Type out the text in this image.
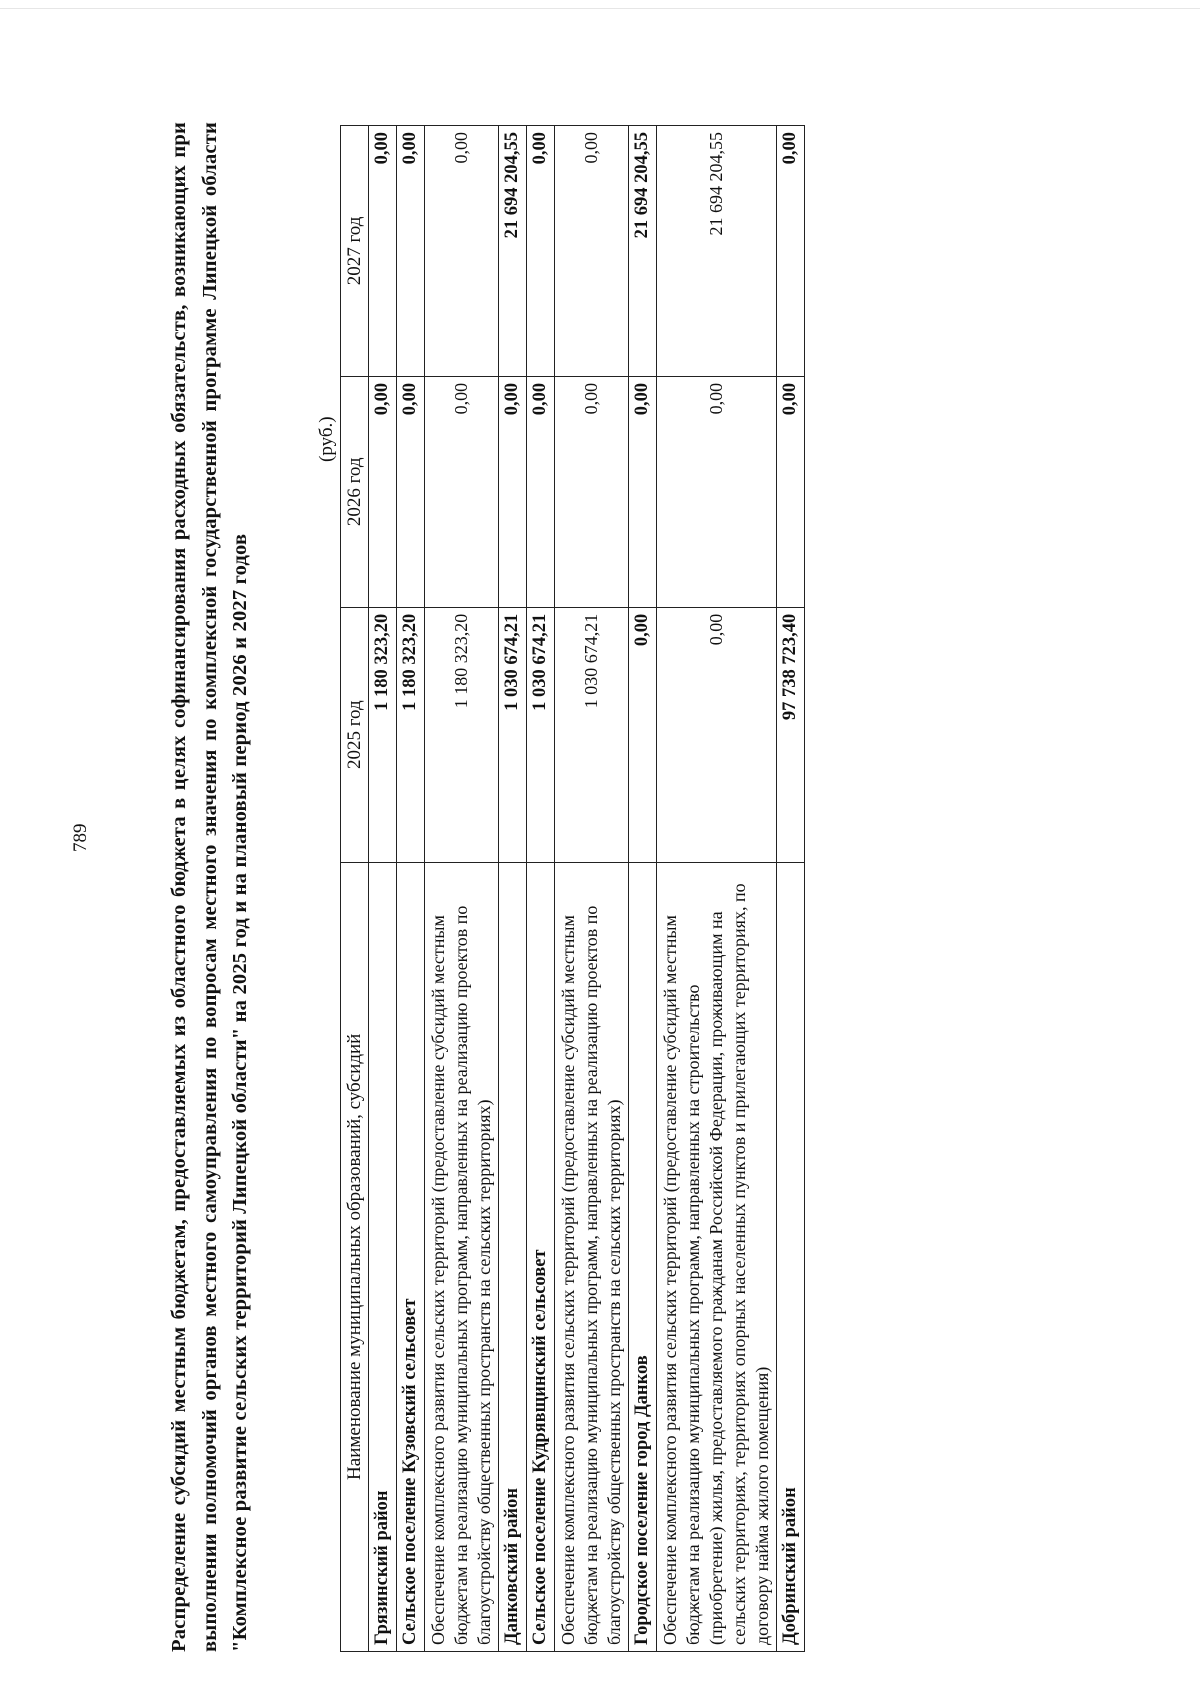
789	Распределение субсидий местным бюджетам, предоставляемых из областного бюджета в целях софинансирования расходных обязательств, возникающих при выполнении полномочий органов местного самоуправления по вопросам местного значения по комплексной государственной программе Липецкой области "Комплексное развитие сельских территорий Липецкой области" на 2025 год и на плановый период 2026 и 2027 годов
(руб.)
Наименование муниципальных образований, субсидий	2025 год	2026 год	2027 год
Грязинский район	1 180 323,20	0,00	0,00
Сельское поселение Кузовский сельсовет	1 180 323,20	0,00	0,00
Обеспечение комплексного развития сельских территорий (предоставление субсидий местным бюджетам на реализацию муниципальных программ, направленных на реализацию проектов по благоустройству общественных пространств на сельских территориях)	1 180 323,20	0,00	0,00
Данковский район	1 030 674,21	0,00	21 694 204,55
Сельское поселение Кудрявщинский сельсовет	1 030 674,21	0,00	0,00
Обеспечение комплексного развития сельских территорий (предоставление субсидий местным бюджетам на реализацию муниципальных программ, направленных на реализацию проектов по благоустройству общественных пространств на сельских территориях)	1 030 674,21	0,00	0,00
Городское поселение город Данков	0,00	0,00	21 694 204,55
Обеспечение комплексного развития сельских территорий (предоставление субсидий местным бюджетам на реализацию муниципальных программ, направленных на строительство (приобретение) жилья, предоставляемого гражданам Российской Федерации, проживающим на сельских территориях, территориях опорных населенных пунктов и прилегающих территориях, по договору найма жилого помещения)	0,00	0,00	21 694 204,55
Добринский район	97 738 723,40	0,00	0,00
